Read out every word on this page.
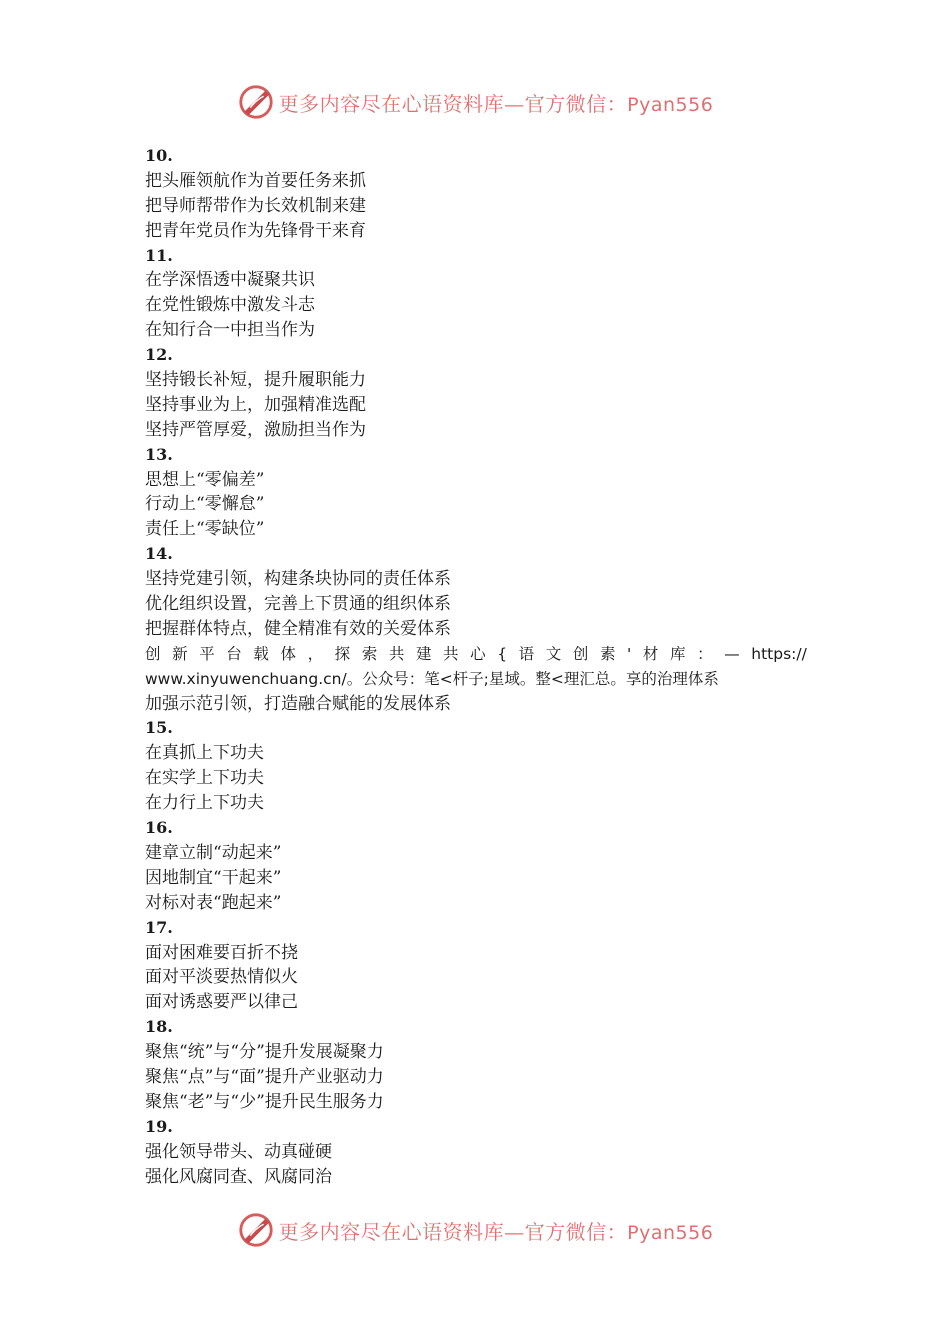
更多内容尽在心语资料库—官方微信：Pyan556
10.
把头雁领航作为首要任务来抓
把导师帮带作为长效机制来建
把青年党员作为先锋骨干来育
11.
在学深悟透中凝聚共识
在党性锻炼中激发斗志
在知行合一中担当作为
12.
坚持锻长补短，提升履职能力
坚持事业为上，加强精准选配
坚持严管厚爱，激励担当作为
13.
思想上“零偏差”
行动上“零懈怠”
责任上“零缺位”
14.
坚持党建引领，构建条块协同的责任体系
优化组织设置，完善上下贯通的组织体系
把握群体特点，健全精准有效的关爱体系
创 新 平 台 载 体 ， 探 索 共 建 共 心 { 语 文 创 素 ' 材 库 ： — https://
www.xinyuwenchuang.cn/。公众号：笔<杆子;星域。整<理汇总。享的治理体系
加强示范引领，打造融合赋能的发展体系
15.
在真抓上下功夫
在实学上下功夫
在力行上下功夫
16.
建章立制“动起来”
因地制宜“干起来”
对标对表“跑起来”
17.
面对困难要百折不挠
面对平淡要热情似火
面对诱惑要严以律己
18.
聚焦“统”与“分”提升发展凝聚力
聚焦“点”与“面”提升产业驱动力
聚焦“老”与“少”提升民生服务力
19.
强化领导带头、动真碰硬
强化风腐同查、风腐同治
更多内容尽在心语资料库—官方微信：Pyan556
